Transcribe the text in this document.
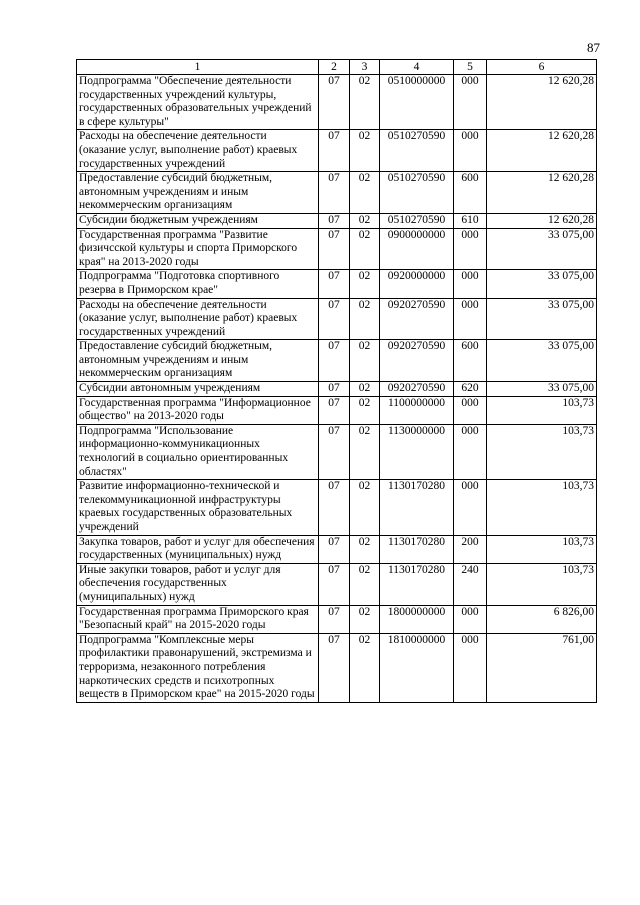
87
1	2	3	4	5	6
Подпрограмма "Обеспечение деятельности государственных учреждений культуры, государственных образовательных учреждений в сфере культуры"	07	02	0510000000	000	12 620,28
Расходы на обеспечение деятельности (оказание услуг, выполнение работ) краевых государственных учреждений	07	02	0510270590	000	12 620,28
Предоставление субсидий бюджетным, автономным учреждениям и иным некоммерческим организациям	07	02	0510270590	600	12 620,28
Субсидии бюджетным учреждениям	07	02	0510270590	610	12 620,28
Государственная программа "Развитие физичсской культуры и спорта Приморского края" на 2013-2020 годы	07	02	0900000000	000	33 075,00
Подпрограмма "Подготовка спортивного резерва в Приморском крае"	07	02	0920000000	000	33 075,00
Расходы на обеспечение деятельности (оказание услуг, выполнение работ) краевых государственных учреждений	07	02	0920270590	000	33 075,00
Предоставление субсидий бюджетным, автономным учреждениям и иным некоммерческим организациям	07	02	0920270590	600	33 075,00
Субсидии автономным учреждениям	07	02	0920270590	620	33 075,00
Государственная программа "Информационное общество" на 2013-2020 годы	07	02	1100000000	000	103,73
Подпрограмма "Использование информационно-коммуникационных технологий в социально ориентированных областях"	07	02	1130000000	000	103,73
Развитие информационно-технической и телекоммуникационной инфраструктуры краевых государственных образовательных учреждений	07	02	1130170280	000	103,73
Закупка товаров, работ и услуг для обеспечения государственных (муниципальных) нужд	07	02	1130170280	200	103,73
Иные закупки товаров, работ и услуг для обеспечения государственных (муниципальных) нужд	07	02	1130170280	240	103,73
Государственная программа Приморского края "Безопасный край" на 2015-2020 годы	07	02	1800000000	000	6 826,00
Подпрограмма "Комплексные меры профилактики правонарушений, экстремизма и терроризма, незаконного потребления наркотических средств и психотропных веществ в Приморском крае" на 2015-2020 годы	07	02	1810000000	000	761,00
